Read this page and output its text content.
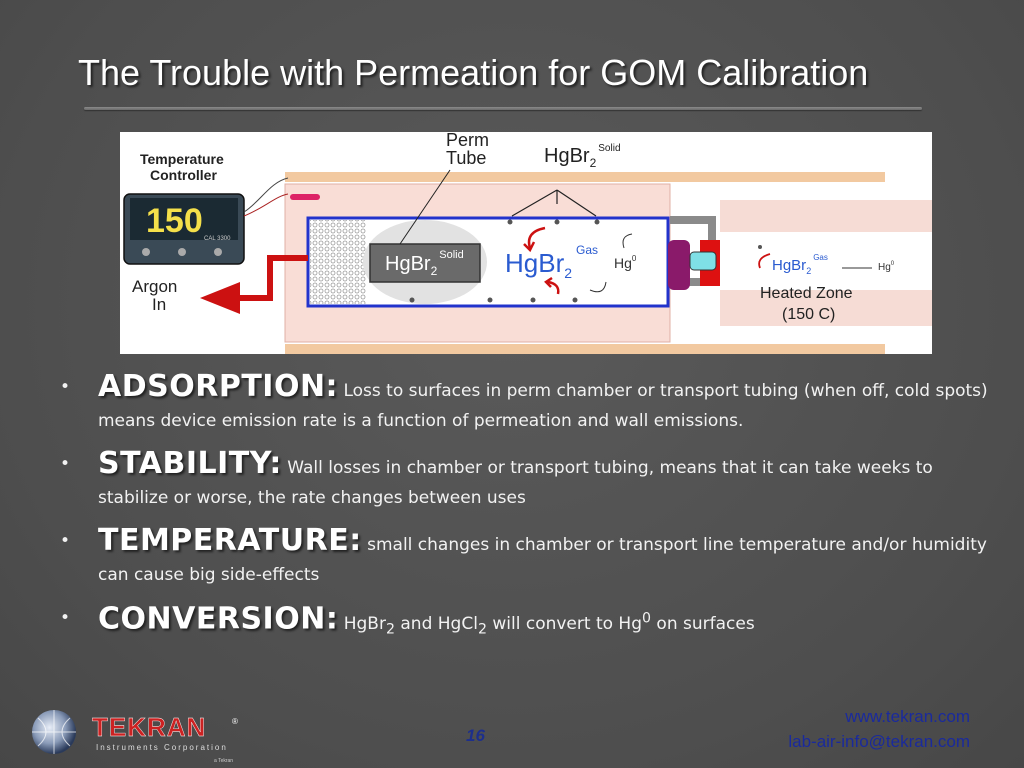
The Trouble with Permeation for GOM Calibration
HgBr$_2^{Solid}$ HgBr$_2^{Gas}$
Hg$^0$	HgBr$_2^{Gas}$
Hg$^0$
Heated Zone
(150 C)
Perm
Tube	HgBr$_2^{Solid}$
Temperature
Controller
150 CAL 3300
Argon
In
• ADSORPTION: Loss to surfaces in perm chamber or transport tubing (when off, cold spots) means device emission rate is a function of permeation and wall emissions.
• STABILITY: Wall losses in chamber or transport tubing, means that it can take weeks to stabilize or worse, the rate changes between uses
• TEMPERATURE: small changes in chamber or transport line temperature and/or humidity can cause big side-effects
• CONVERSION: HgBr$_2$ and HgCl$_2$ will convert to Hg$^0$ on surfaces
TEKRAN	®
Instruments Corporation
a Tekran
16
www.tekran.com
lab-air-info@tekran.com
